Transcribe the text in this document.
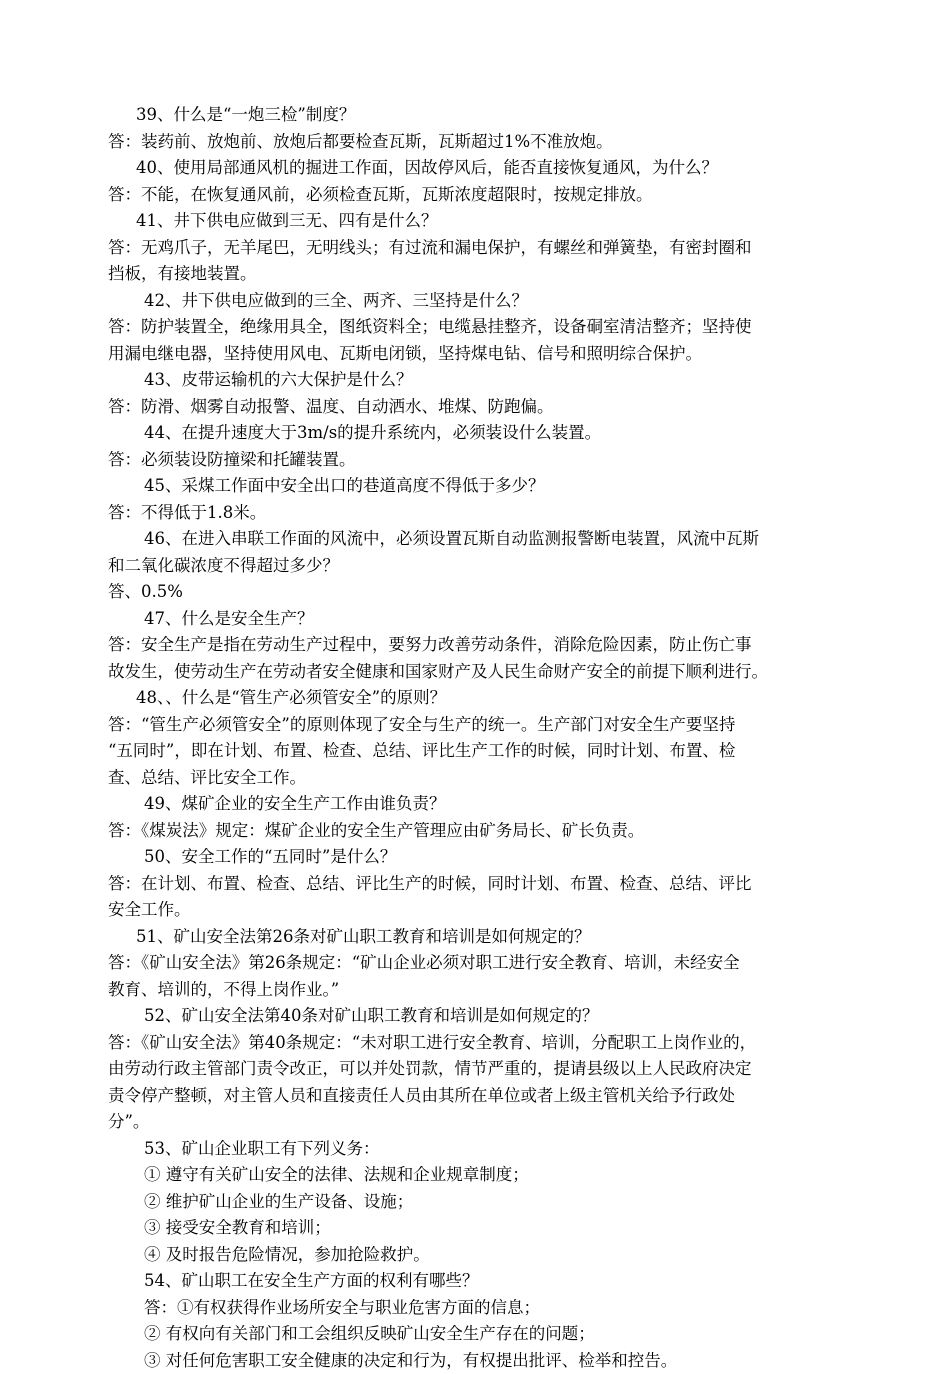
39、什么是“一炮三检”制度？
答：装药前、放炮前、放炮后都要检查瓦斯，瓦斯超过1%不准放炮。
40、使用局部通风机的掘进工作面，因故停风后，能否直接恢复通风，为什么？
答：不能，在恢复通风前，必须检查瓦斯，瓦斯浓度超限时，按规定排放。
41、井下供电应做到三无、四有是什么？
答：无鸡爪子，无羊尾巴，无明线头；有过流和漏电保护，有螺丝和弹簧垫，有密封圈和
挡板，有接地装置。
42、井下供电应做到的三全、两齐、三坚持是什么？
答：防护装置全，绝缘用具全，图纸资料全；电缆悬挂整齐，设备硐室清洁整齐；坚持使
用漏电继电器，坚持使用风电、瓦斯电闭锁，坚持煤电钻、信号和照明综合保护。
43、皮带运输机的六大保护是什么？
答：防滑、烟雾自动报警、温度、自动洒水、堆煤、防跑偏。
44、在提升速度大于3m/s的提升系统内，必须装设什么装置。
答：必须装设防撞梁和托罐装置。
45、采煤工作面中安全出口的巷道高度不得低于多少？
答：不得低于1.8米。
46、在进入串联工作面的风流中，必须设置瓦斯自动监测报警断电装置，风流中瓦斯
和二氧化碳浓度不得超过多少？
答、0.5%
47、什么是安全生产？
答：安全生产是指在劳动生产过程中，要努力改善劳动条件，消除危险因素，防止伤亡事
故发生，使劳动生产在劳动者安全健康和国家财产及人民生命财产安全的前提下顺利进行。
48、、什么是“管生产必须管安全”的原则？
答：“管生产必须管安全”的原则体现了安全与生产的统一。生产部门对安全生产要坚持
“五同时”，即在计划、布置、检查、总结、评比生产工作的时候，同时计划、布置、检
查、总结、评比安全工作。
49、煤矿企业的安全生产工作由谁负责？
答：《煤炭法》规定：煤矿企业的安全生产管理应由矿务局长、矿长负责。
50、安全工作的“五同时”是什么？
答：在计划、布置、检查、总结、评比生产的时候，同时计划、布置、检查、总结、评比
安全工作。
51、矿山安全法第26条对矿山职工教育和培训是如何规定的？
答：《矿山安全法》第26条规定：“矿山企业必须对职工进行安全教育、培训，未经安全
教育、培训的，不得上岗作业。”
52、矿山安全法第40条对矿山职工教育和培训是如何规定的？
答：《矿山安全法》第40条规定：“未对职工进行安全教育、培训，分配职工上岗作业的，
由劳动行政主管部门责令改正，可以并处罚款，情节严重的，提请县级以上人民政府决定
责令停产整顿，对主管人员和直接责任人员由其所在单位或者上级主管机关给予行政处
分”。
53、矿山企业职工有下列义务：
① 遵守有关矿山安全的法律、法规和企业规章制度；
② 维护矿山企业的生产设备、设施；
③ 接受安全教育和培训；
④ 及时报告危险情况，参加抢险救护。
54、矿山职工在安全生产方面的权利有哪些？
答：①有权获得作业场所安全与职业危害方面的信息；
② 有权向有关部门和工会组织反映矿山安全生产存在的问题；
③ 对任何危害职工安全健康的决定和行为，有权提出批评、检举和控告。
